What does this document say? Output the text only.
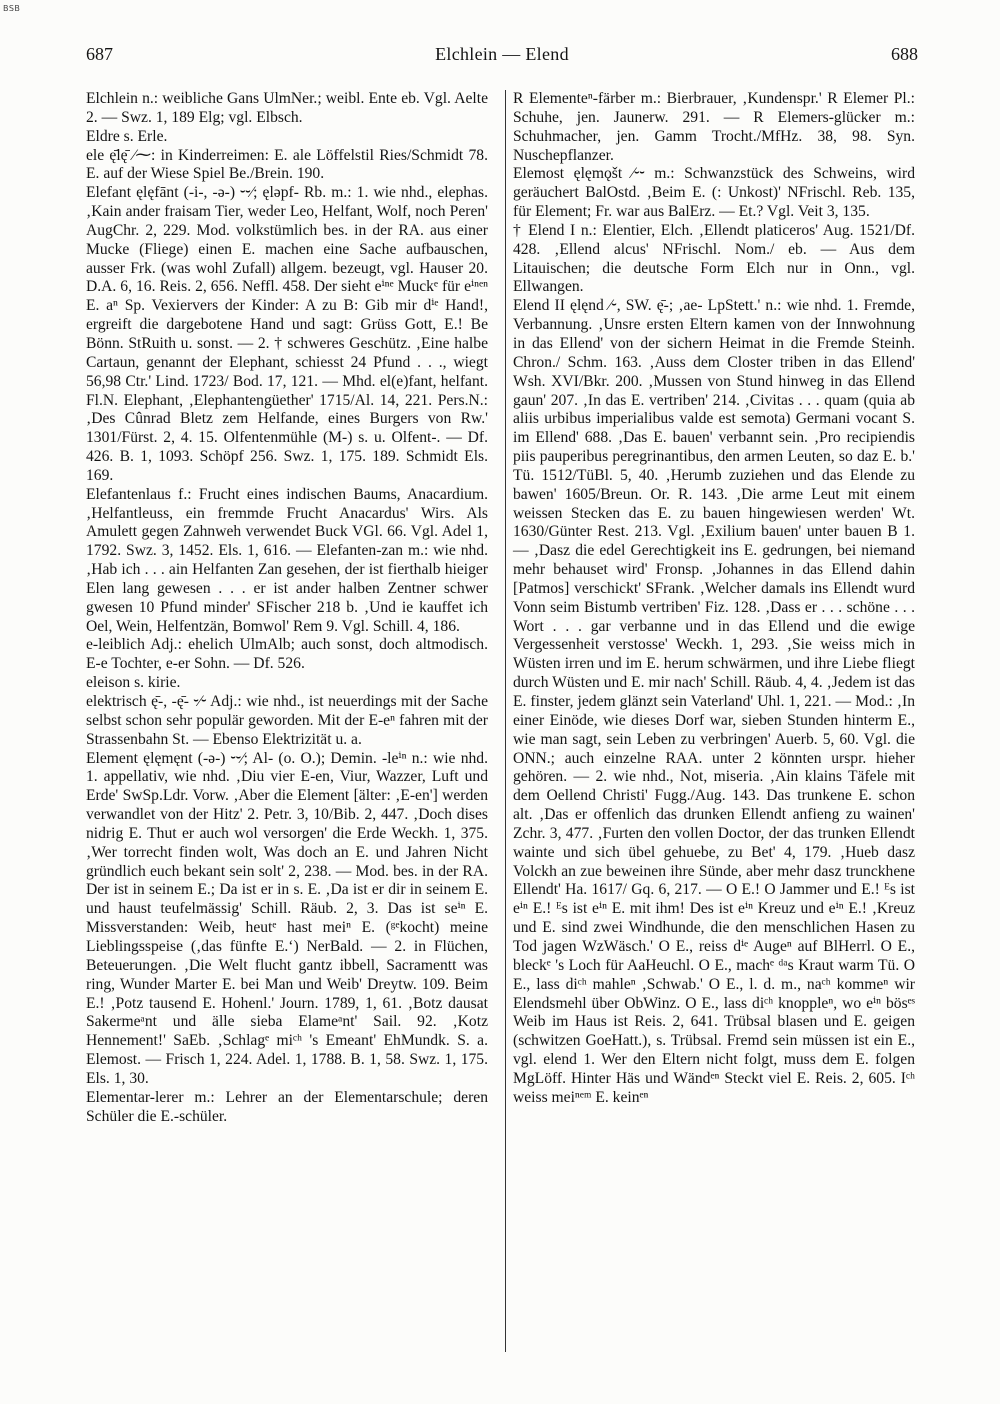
BSB
687	Elchlein — Elend	688

Elchlein n.: weibliche Gans UlmNer.; weibl. Ente eb. Vgl. Aelte 2. — Swz. 1, 189 Elg; vgl. Elbsch.

Eldre s. Erle.

ele ę̄lę̄ ⁄⁓: in Kinderreimen: E. ale Löffelstil Ries/Schmidt 78. E. auf der Wiese Spiel Be./Brein. 190.

Elefant ęlęfānt (-i-, -ə-) ⏑⏑⁄; ęləpf- Rb. m.: 1. wie nhd., elephas. ‚Kain ander fraisam Tier, weder Leo, Helfant, Wolf, noch Peren' AugChr. 2, 229. Mod. volkstümlich bes. in der RA. aus einer Mucke (Fliege) einen E. machen eine Sache aufbauschen, ausser Frk. (was wohl Zufall) allgem. bezeugt, vgl. Hauser 20. D.A. 6, 16. Reis. 2, 656. Neffl. 458. Der sieht eⁱⁿᵉ Muckᵉ für eⁱⁿᵉⁿ E. aⁿ Sp. Vexiervers der Kinder: A zu B: Gib mir dⁱᵉ Hand!, ergreift die dargebotene Hand und sagt: Grüss Gott, E.! Be Bönn. StRuith u. sonst. — 2. † schweres Geschütz. ‚Eine halbe Cartaun, genannt der Elephant, schiesst 24 Pfund . . ., wiegt 56,98 Ctr.' Lind. 1723/ Bod. 17, 121. — Mhd. el(e)fant, helfant. Fl.N. Elephant, ‚Elephantengüether' 1715/Al. 14, 221. Pers.N.: ‚Des Cûnrad Bletz zem Helfande, eines Burgers von Rw.' 1301/Fürst. 2, 4. 15. Olfentenmühle (M-) s. u. Olfent-. — Df. 426. B. 1, 1093. Schöpf 256. Swz. 1, 175. 189. Schmidt Els. 169.

Elefantenlaus f.: Frucht eines indischen Baums, Anacardium. ‚Helfantleuss, ein fremmde Frucht Anacardus' Wirs. Als Amulett gegen Zahnweh verwendet Buck VGl. 66. Vgl. Adel 1, 1792. Swz. 3, 1452. Els. 1, 616. — Elefanten-zan m.: wie nhd. ‚Hab ich . . . ain Helfanten Zan gesehen, der ist fierthalb hieiger Elen lang gewesen . . . er ist ander halben Zentner schwer gwesen 10 Pfund minder' SFischer 218 b. ‚Und ie kauffet ich Oel, Wein, Helfentzän, Bomwol' Rem 9. Vgl. Schill. 4, 186.

e-leiblich Adj.: ehelich UlmAlb; auch sonst, doch altmodisch. E-e Tochter, e-er Sohn. — Df. 526.

eleison s. kirie.

elektrisch ę̄-, -ę̄- ⏑⁄⏑ Adj.: wie nhd., ist neuerdings mit der Sache selbst schon sehr populär geworden. Mit der E-eⁿ fahren mit der Strassenbahn St. — Ebenso Elektrizität u. a.

Element ęlęmęnt (-ə-) ⏑⏑⁄; Al- (o. O.); Demin. -leⁱⁿ n.: wie nhd. 1. appellativ, wie nhd. ‚Diu vier E-en, Viur, Wazzer, Luft und Erde' SwSp.Ldr. Vorw. ‚Aber die Element [älter: ‚E-en'] werden verwandlet von der Hitz' 2. Petr. 3, 10/Bib. 2, 447. ‚Doch dises nidrig E. Thut er auch wol versorgen' die Erde Weckh. 1, 375. ‚Wer torrecht finden wolt, Was doch an E. und Jahren Nicht gründlich euch bekant sein solt' 2, 238. — Mod. bes. in der RA. Der ist in seinem E.; Da ist er in s. E. ‚Da ist er dir in seinem E. und haust teufelmässig' Schill. Räub. 2, 3. Das ist seⁱⁿ E. Missverstanden: Weib, heutᵉ hast meiⁿ E. (ᵍᵉkocht) meine Lieblingsspeise (‚das fünfte E.‘) NerBald. — 2. in Flüchen, Beteuerungen. ‚Die Welt flucht gantz ibbell, Sacramentt was ring, Wunder Marter E. bei Man und Weib' Dreytw. 109. Beim E.! ‚Potz tausend E. Hohenl.' Journ. 1789, 1, 61. ‚Botz dausat Sakermeᵃnt und älle sieba Elameᵃnt' Sail. 92. ‚Kotz Hennement!' SaEb. ‚Schlagᵉ miᶜʰ 's Emeant' EhMundk. S. a. Elemost. — Frisch 1, 224. Adel. 1, 1788. B. 1, 58. Swz. 1, 175. Els. 1, 30.

Elementar-lerer m.: Lehrer an der Elementarschule; deren Schüler die E.-schüler.

R Elementeⁿ-färber m.: Bierbrauer, ‚Kundenspr.' R Elemer Pl.: Schuhe, jen. Jaunerw. 291. — R Elemers-glücker m.: Schuhmacher, jen. Gamm Trocht./MfHz. 38, 98. Syn. Nuschepflanzer.

Elemost ęlęmǫšt ⁄⏑⏑ m.: Schwanzstück des Schweins, wird geräuchert BalOstd. ‚Beim E. (: Unkost)' NFrischl. Reb. 135, für Element; Fr. war aus BalErz. — Et.? Vgl. Veit 3, 135.

† Elend I n.: Elentier, Elch. ‚Ellendt platiceros' Aug. 1521/Df. 428. ‚Ellend alcus' NFrischl. Nom./ eb. — Aus dem Litauischen; die deutsche Form Elch nur in Onn., vgl. Ellwangen.

Elend II ęlęnd ⁄⏑, SW. ę̄-; ‚ae- LpStett.' n.: wie nhd. 1. Fremde, Verbannung. ‚Unsre ersten Eltern kamen von der Innwohnung in das Ellend' von der sichern Heimat in die Fremde Steinh. Chron./ Schm. 163. ‚Auss dem Closter triben in das Ellend' Wsh. XVI/Bkr. 200. ‚Mussen von Stund hinweg in das Ellend gaun' 207. ‚In das E. vertriben' 214. ‚Civitas . . . quam (quia ab aliis urbibus imperialibus valde est semota) Germani vocant S. im Ellend' 688. ‚Das E. bauen' verbannt sein. ‚Pro recipiendis piis pauperibus peregrinantibus, den armen Leuten, so daz E. b.' Tü. 1512/TüBl. 5, 40. ‚Herumb zuziehen und das Elende zu bawen' 1605/Breun. Or. R. 143. ‚Die arme Leut mit einem weissen Stecken das E. zu bauen hingewiesen werden' Wt. 1630/Günter Rest. 213. Vgl. ‚Exilium bauen' unter bauen B 1. — ‚Dasz die edel Gerechtigkeit ins E. gedrungen, bei niemand mehr behauset wird' Fronsp. ‚Johannes in das Ellend dahin [Patmos] verschickt' SFrank. ‚Welcher damals ins Ellendt wurd Vonn seim Bistumb vertriben' Fiz. 128. ‚Dass er . . . schöne . . . Wort . . . gar verbanne und in das Ellend und die ewige Vergessenheit verstosse' Weckh. 1, 293. ‚Sie weiss mich in Wüsten irren und im E. herum schwärmen, und ihre Liebe fliegt durch Wüsten und E. mir nach' Schill. Räub. 4, 4. ‚Jedem ist das E. finster, jedem glänzt sein Vaterland' Uhl. 1, 221. — Mod.: ‚In einer Einöde, wie dieses Dorf war, sieben Stunden hinterm E., wie man sagt, sein Leben zu verbringen' Auerb. 5, 60. Vgl. die ONN.; auch einzelne RAA. unter 2 könnten urspr. hieher gehören. — 2. wie nhd., Not, miseria. ‚Ain klains Täfele mit dem Oellend Christi' Fugg./Aug. 143. Das trunkene E. schon alt. ‚Das er offenlich das drunken Ellendt anfieng zu wainen' Zchr. 3, 477. ‚Furten den vollen Doctor, der das trunken Ellendt wainte und sich übel gehuebe, zu Bet' 4, 179. ‚Hueb dasz Volckh an zue beweinen ihre Sünde, aber mehr dasz trunckhene Ellendt' Ha. 1617/ Gq. 6, 217. — O E.! O Jammer und E.! ᴱs ist eⁱⁿ E.! ᴱs ist eⁱⁿ E. mit ihm! Des ist eⁱⁿ Kreuz und eⁱⁿ E.! ‚Kreuz und E. sind zwei Windhunde, die den menschlichen Hasen zu Tod jagen WzWäsch.' O E., reiss dⁱᵉ Augeⁿ auf BlHerrl. O E., bleckᵉ 's Loch für AaHeuchl. O E., machᵉ ᵈᵃs Kraut warm Tü. O E., lass diᶜʰ mahleⁿ ‚Schwab.' O E., l. d. m., naᶜʰ kommeⁿ wir Elendsmehl über ObWinz. O E., lass diᶜʰ knoppleⁿ, wo eⁱⁿ bösᵉˢ Weib im Haus ist Reis. 2, 641. Trübsal blasen und E. geigen (schwitzen GoeHatt.), s. Trübsal. Fremd sein müssen ist ein E., vgl. elend 1. Wer den Eltern nicht folgt, muss dem E. folgen MgLöff. Hinter Häs und Wändᵉⁿ Steckt viel E. Reis. 2, 605. Iᶜʰ weiss meiⁿᵉᵐ E. keinᵉⁿ
